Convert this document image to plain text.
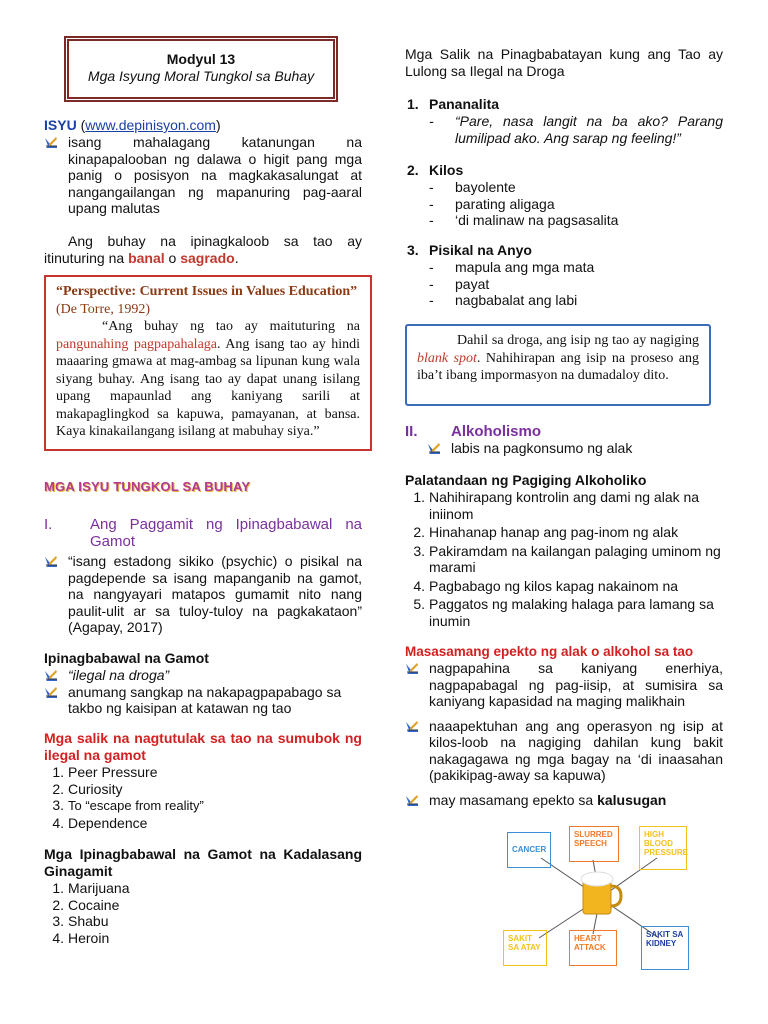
Modyul 13
Mga Isyung Moral Tungkol sa Buhay
ISYU (www.depinisyon.com)
isang mahalagang katanungan na kinapapalooban ng dalawa o higit pang mga panig o posisyon na magkakasalungat at nangangailangan ng mapanuring pag-aaral upang malutas
Ang buhay na ipinagkaloob sa tao ay itinuturing na banal o sagrado.
“Perspective: Current Issues in Values Education”
(De Torre, 1992)
“Ang buhay ng tao ay maituturing na pangunahing pagpapahalaga. Ang isang tao ay hindi maaaring gmawa at mag-ambag sa lipunan kung wala siyang buhay. Ang isang tao ay dapat unang isilang upang mapaunlad ang kaniyang sarili at makapaglingkod sa kapuwa, pamayanan, at bansa. Kaya kinakailangang isilang at mabuhay siya.”
MGA ISYU TUNGKOL SA BUHAY
I.	Ang Paggamit ng Ipinagbabawal na Gamot
“isang estadong sikiko (psychic) o pisikal na pagdepende sa isang mapanganib na gamot, na nangyayari matapos gumamit nito nang paulit-ulit ar sa tuloy-tuloy na pagkakataon” (Agapay, 2017)
Ipinagbabawal na Gamot
“ilegal na droga”
anumang sangkap na nakapagpapabago sa takbo ng kaisipan at katawan ng tao
Mga salik na nagtutulak sa tao na sumubok ng ilegal na gamot
1. Peer Pressure
2. Curiosity
3. To “escape from reality”
4. Dependence
Mga Ipinagbabawal na Gamot na Kadalasang Ginagamit
1. Marijuana
2. Cocaine
3. Shabu
4. Heroin
Mga Salik na Pinagbabatayan kung ang Tao ay Lulong sa Ilegal na Droga
1. Pananalita
- “Pare, nasa langit na ba ako? Parang lumilipad ako. Ang sarap ng feeling!”
2. Kilos
- bayolente
- parating aligaga
- ‘di malinaw na pagsasalita
3. Pisikal na Anyo
- mapula ang mga mata
- payat
- nagbabalat ang labi
Dahil sa droga, ang isip ng tao ay nagiging blank spot. Nahihirapan ang isip na proseso ang iba’t ibang impormasyon na dumadaloy dito.
II. Alkoholismo
labis na pagkonsumo ng alak
Palatandaan ng Pagiging Alkoholiko
1. Nahihirapang kontrolin ang dami ng alak na iniinom
2. Hinahanap hanap ang pag-inom ng alak
3. Pakiramdam na kailangan palaging uminom ng marami
4. Pagbabago ng kilos kapag nakainom na
5. Paggatos ng malaking halaga para lamang sa inumin
Masasamang epekto ng alak o alkohol sa tao
nagpapahina sa kaniyang enerhiya, nagpapabagal ng pag-iisip, at sumisira sa kaniyang kapasidad na maging malikhain
naaapektuhan ang ang operasyon ng isip at kilos-loob na nagiging dahilan kung bakit nakagagawa ng mga bagay na ‘di inaasahan (pakikipag-away sa kapuwa)
may masamang epekto sa kalusugan
CANCER
SLURRED SPEECH
HIGH BLOOD PRESSURE
SAKIT SA ATAY
HEART ATTACK
SAKIT SA KIDNEY
